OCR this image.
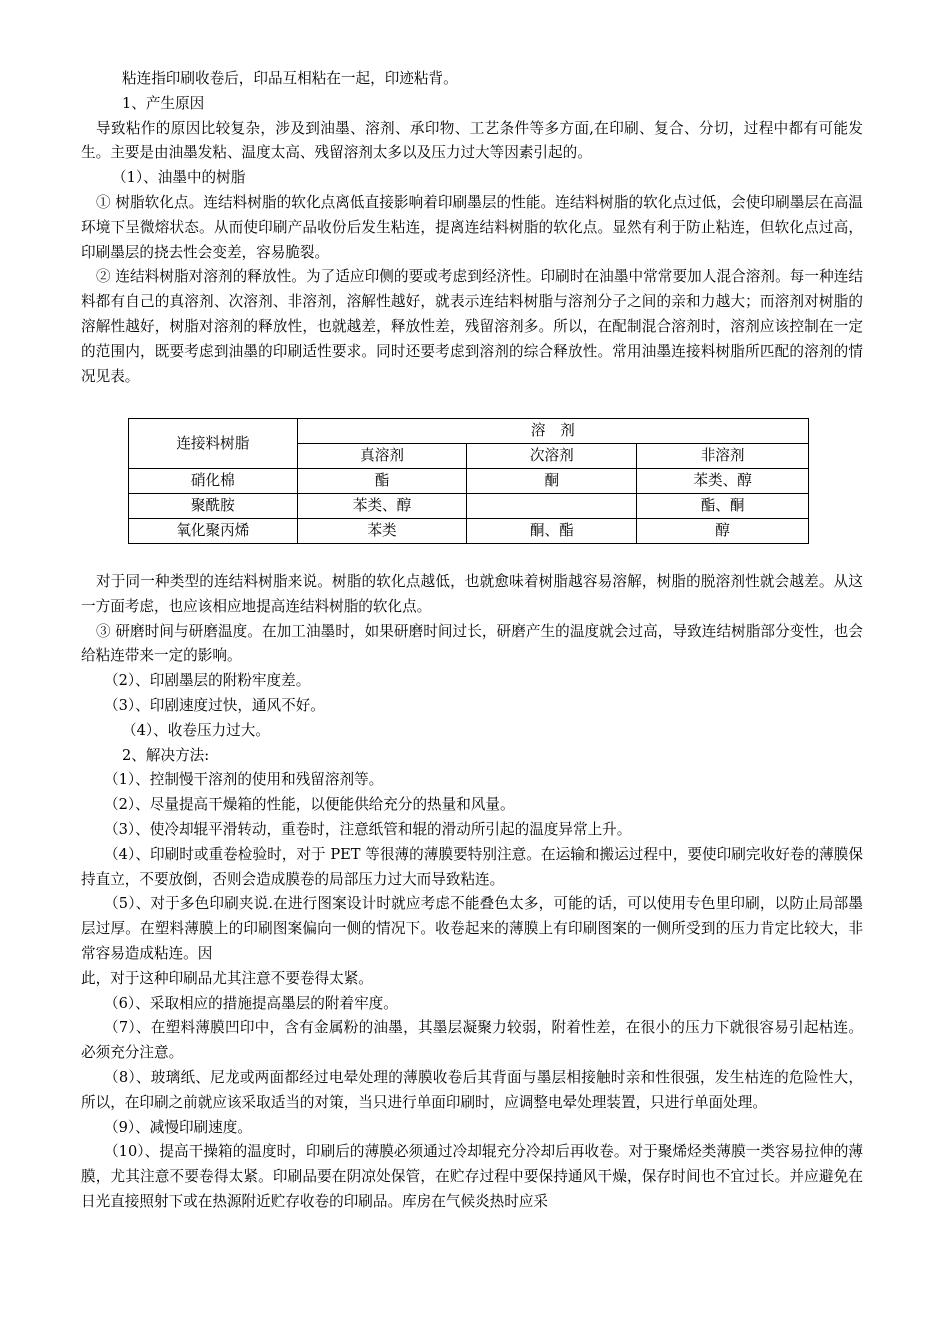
粘连指印刷收卷后，印品互相粘在一起，印迹粘背。

1、产生原因

导致粘作的原因比较复杂，涉及到油墨、溶剂、承印物、工艺条件等多方面,在印刷、复合、分切，过程中都有可能发生。主要是由油墨发粘、温度太高、残留溶剂太多以及压力过大等因素引起的。

（1）、油墨中的树脂

① 树脂软化点。连结料树脂的软化点离低直接影响着印刷墨层的性能。连结料树脂的软化点过低，会使印刷墨层在高温环境下呈微熔状态。从而使印刷产品收份后发生粘连，提离连结料树脂的软化点。显然有利于防止粘连，但软化点过高，印刷墨层的挠去性会变差，容易脆裂。

② 连结料树脂对溶剂的释放性。为了适应印侧的要或考虑到经济性。印刷时在油墨中常常要加人混合溶剂。每一种连结料都有自己的真溶剂、次溶剂、非溶剂，溶解性越好，就表示连结料树脂与溶剂分子之间的亲和力越大；而溶剂对树脂的溶解性越好，树脂对溶剂的释放性，也就越差，释放性差，残留溶剂多。所以，在配制混合溶剂时，溶剂应该控制在一定的范围内，既要考虑到油墨的印刷适性要求。同时还要考虑到溶剂的综合释放性。常用油墨连接料树脂所匹配的溶剂的情况见表。

连接料树脂	溶　剂		
	真溶剂	次溶剂	非溶剂
硝化棉	酯	酮	苯类、醇
聚酰胺	苯类、醇		酯、酮
氧化聚丙烯	苯类	酮、酯	醇

对于同一种类型的连结料树脂来说。树脂的软化点越低，也就愈味着树脂越容易溶解，树脂的脱溶剂性就会越差。从这一方面考虑，也应该相应地提高连结料树脂的软化点。

③ 研磨时间与研磨温度。在加工油墨时，如果研磨时间过长，研磨产生的温度就会过高，导致连结树脂部分变性，也会给粘连带来一定的影响。

（2）、印剧墨层的附粉牢度差。

（3）、印剧速度过快，通风不好。

（4）、收卷压力过大。

2、解决方法:

（1）、控制慢干溶剂的使用和残留溶剂等。

（2）、尽量提高干燥箱的性能，以便能供给充分的热量和风量。

（3）、使冷却辊平滑转动，重卷时，注意纸管和辊的滑动所引起的温度异常上升。

（4）、印刷时或重卷检验时，对于 PET 等很薄的薄膜要特别注意。在运输和搬运过程中，要使印刷完收好卷的薄膜保持直立，不要放倒，否则会造成膜卷的局部压力过大而导致粘连。

（5）、对于多色印刷夹说.在进行图案设计时就应考虑不能叠色太多，可能的话，可以使用专色里印刷，以防止局部墨层过厚。在塑料薄膜上的印刷图案偏向一侧的情况下。收卷起来的薄膜上有印刷图案的一侧所受到的压力肯定比较大，非常容易造成粘连。因

此，对于这种印刷品尤其注意不要卷得太紧。

（6）、采取相应的措施提高墨层的附着牢度。

（7）、在塑料薄膜凹印中，含有金属粉的油墨，其墨层凝聚力较弱，附着性差，在很小的压力下就很容易引起枯连。必须充分注意。

（8）、玻璃纸、尼龙或两面都经过电晕处理的薄膜收卷后其背面与墨层相接触时亲和性很强，发生枯连的危险性大，所以，在印刷之前就应该采取适当的对策，当只进行单面印刷时，应调整电晕处理装置，只进行单面处理。

（9）、减慢印刷速度。

（10）、提高干操箱的温度时，印刷后的薄膜必须通过冷却辊充分冷却后再收卷。对于聚烯烃类薄膜一类容易拉伸的薄膜，尤其注意不要卷得太紧。印刷品要在阴凉处保管，在贮存过程中要保持通风干燥，保存时间也不宜过长。并应避免在日光直接照射下或在热源附近贮存收卷的印刷品。库房在气候炎热时应采
